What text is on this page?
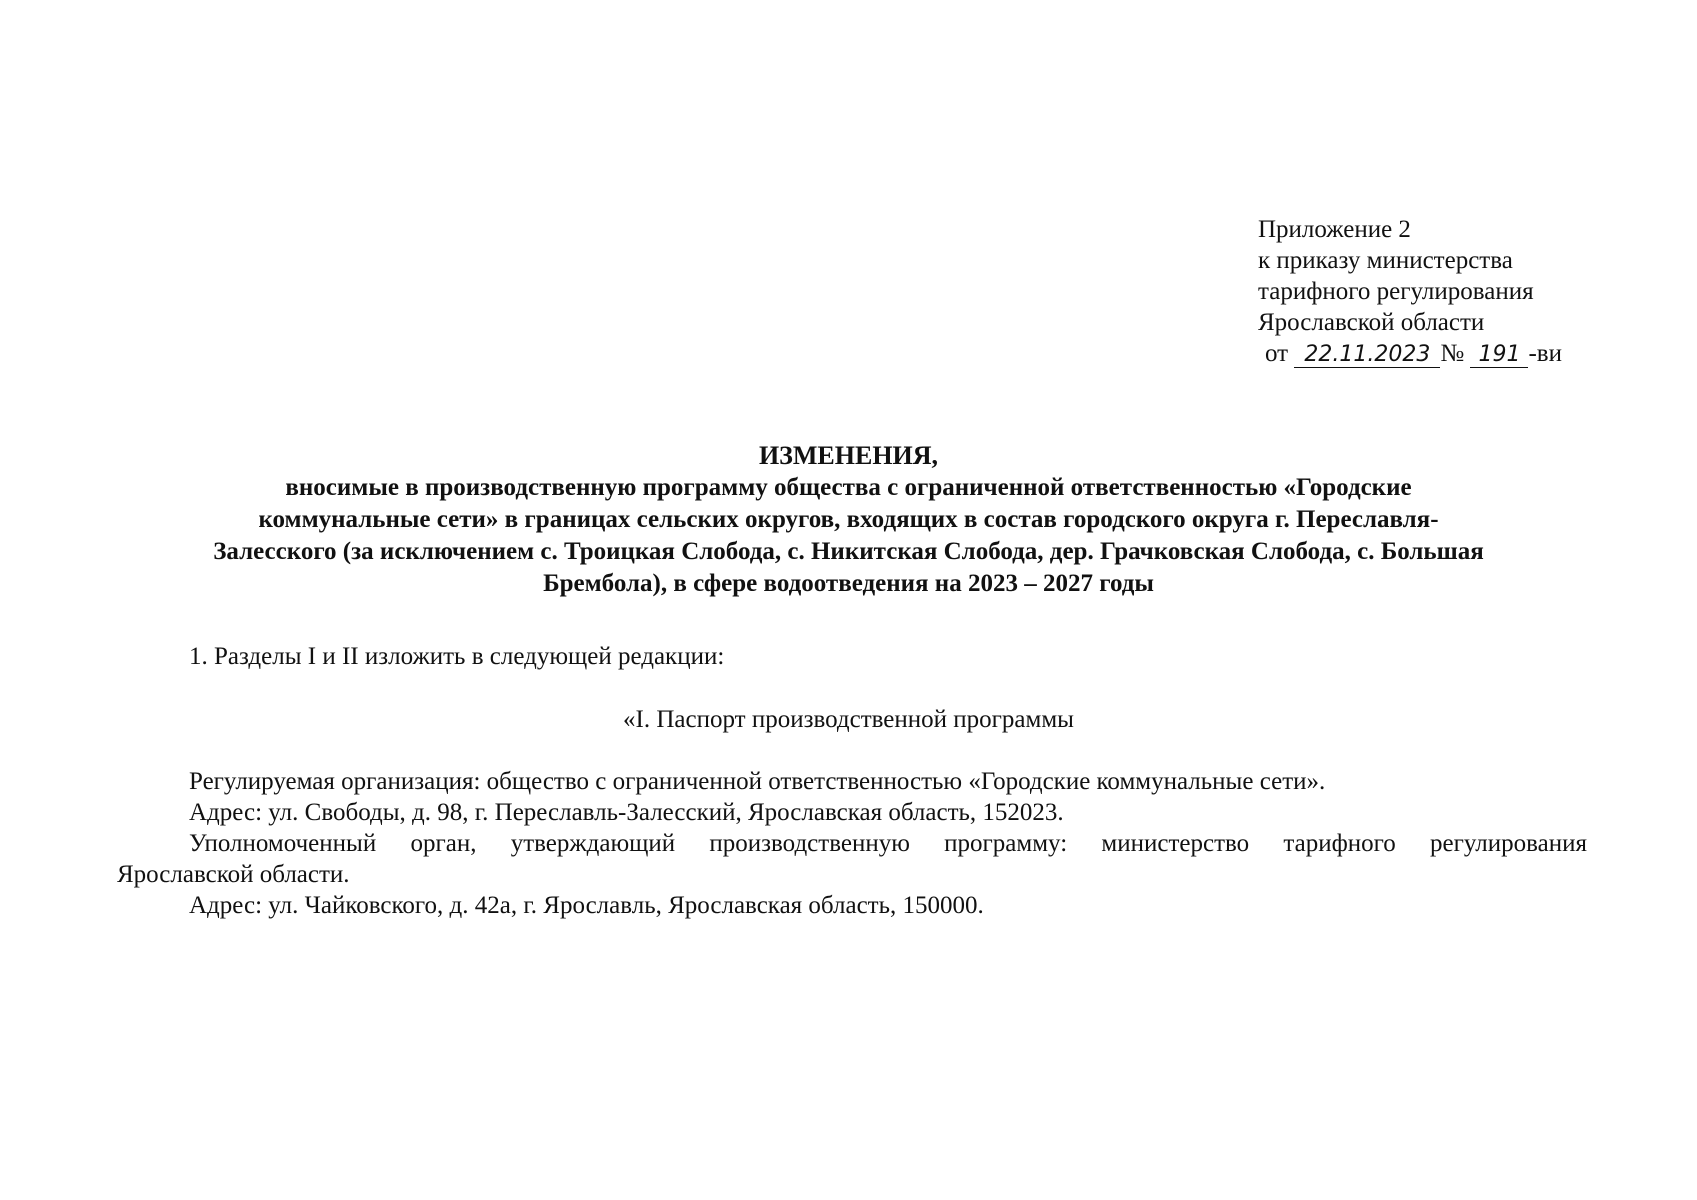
Приложение 2
к приказу министерства
тарифного регулирования
Ярославской области
от 22.11.2023 № 191 -ви
ИЗМЕНЕНИЯ,
вносимые в производственную программу общества с ограниченной ответственностью «Городские
коммунальные сети» в границах сельских округов, входящих в состав городского округа г. Переславля-
Залесского (за исключением с. Троицкая Слобода, с. Никитская Слобода, дер. Грачковская Слобода, с. Большая
Брембола), в сфере водоотведения на 2023 – 2027 годы

1. Разделы I и II изложить в следующей редакции:

«I. Паспорт производственной программы

Регулируемая организация: общество с ограниченной ответственностью «Городские коммунальные сети».

Адрес: ул. Свободы, д. 98, г. Переславль-Залесский, Ярославская область, 152023.

Уполномоченный орган, утверждающий производственную программу: министерство тарифного регулирования

Ярославской области.

Адрес: ул. Чайковского, д. 42а, г. Ярославль, Ярославская область, 150000.
